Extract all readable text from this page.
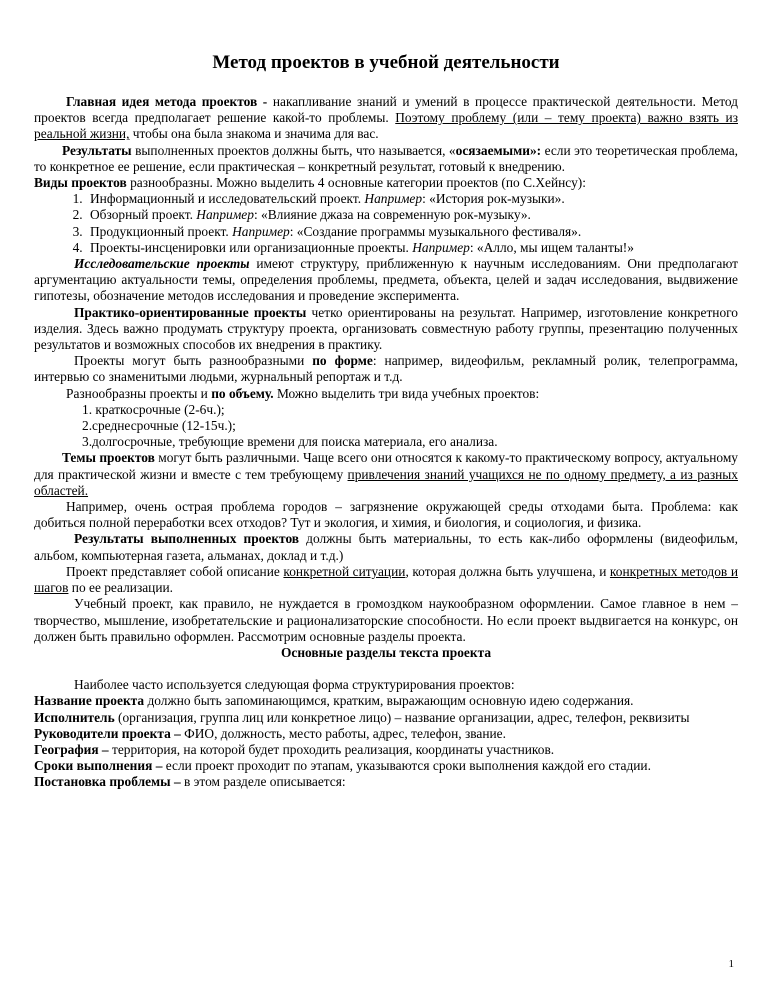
Метод проектов в учебной деятельности

Главная идея метода проектов - накапливание знаний и умений в процессе практической деятельности. Метод проектов всегда предполагает решение какой-то проблемы. Поэтому проблему (или – тему проекта) важно взять из реальной жизни, чтобы она была знакома и значима для вас.

Результаты выполненных проектов должны быть, что называется, «осязаемыми»: если это теоретическая проблема, то конкретное ее решение, если практическая – конкретный результат, готовый к внедрению.

Виды проектов разнообразны. Можно выделить 4 основные категории проектов (по С.Хейнсу):

1. Информационный и исследовательский проект. Например: «История рок-музыки».
2. Обзорный проект. Например: «Влияние джаза на современную рок-музыку».
3. Продукционный проект. Например: «Создание программы музыкального фестиваля».
4. Проекты-инсценировки или организационные проекты. Например: «Алло, мы ищем таланты!»

Исследовательские проекты имеют структуру, приближенную к научным исследованиям. Они предполагают аргументацию актуальности темы, определения проблемы, предмета, объекта, целей и задач исследования, выдвижение гипотезы, обозначение методов исследования и проведение эксперимента.

Практико-ориентированные проекты четко ориентированы на результат. Например, изготовление конкретного изделия. Здесь важно продумать структуру проекта, организовать совместную работу группы, презентацию полученных результатов и возможных способов их внедрения в практику.

Проекты могут быть разнообразными по форме: например, видеофильм, рекламный ролик, телепрограмма, интервью со знаменитыми людьми, журнальный репортаж и т.д.

Разнообразны проекты и по объему. Можно выделить три вида учебных проектов:

1. краткосрочные (2-6ч.);
2.среднесрочные (12-15ч.);
3.долгосрочные, требующие времени для поиска материала, его анализа.

Темы проектов могут быть различными. Чаще всего они относятся к какому-то практическому вопросу, актуальному для практической жизни и вместе с тем требующему привлечения знаний учащихся не по одному предмету, а из разных областей.

Например, очень острая проблема городов – загрязнение окружающей среды отходами быта. Проблема: как добиться полной переработки всех отходов? Тут и экология, и химия, и биология, и социология, и физика.

Результаты выполненных проектов должны быть материальны, то есть как-либо оформлены (видеофильм, альбом, компьютерная газета, альманах, доклад и т.д.)

Проект представляет собой описание конкретной ситуации, которая должна быть улучшена, и конкретных методов и шагов по ее реализации.

Учебный проект, как правило, не нуждается в громоздком наукообразном оформлении. Самое главное в нем – творчество, мышление, изобретательские и рационализаторские способности. Но если проект выдвигается на конкурс, он должен быть правильно оформлен. Рассмотрим основные разделы проекта.

Основные разделы текста проекта

Наиболее часто используется следующая форма структурирования проектов:

Название проекта должно быть запоминающимся, кратким, выражающим основную идею содержания.

Исполнитель (организация, группа лиц или конкретное лицо) – название организации, адрес, телефон, реквизиты

Руководители проекта – ФИО, должность, место работы, адрес, телефон, звание.

География – территория, на которой будет проходить реализация, координаты участников.

Сроки выполнения – если проект проходит по этапам, указываются сроки выполнения каждой его стадии.

Постановка проблемы – в этом разделе описывается:

1
